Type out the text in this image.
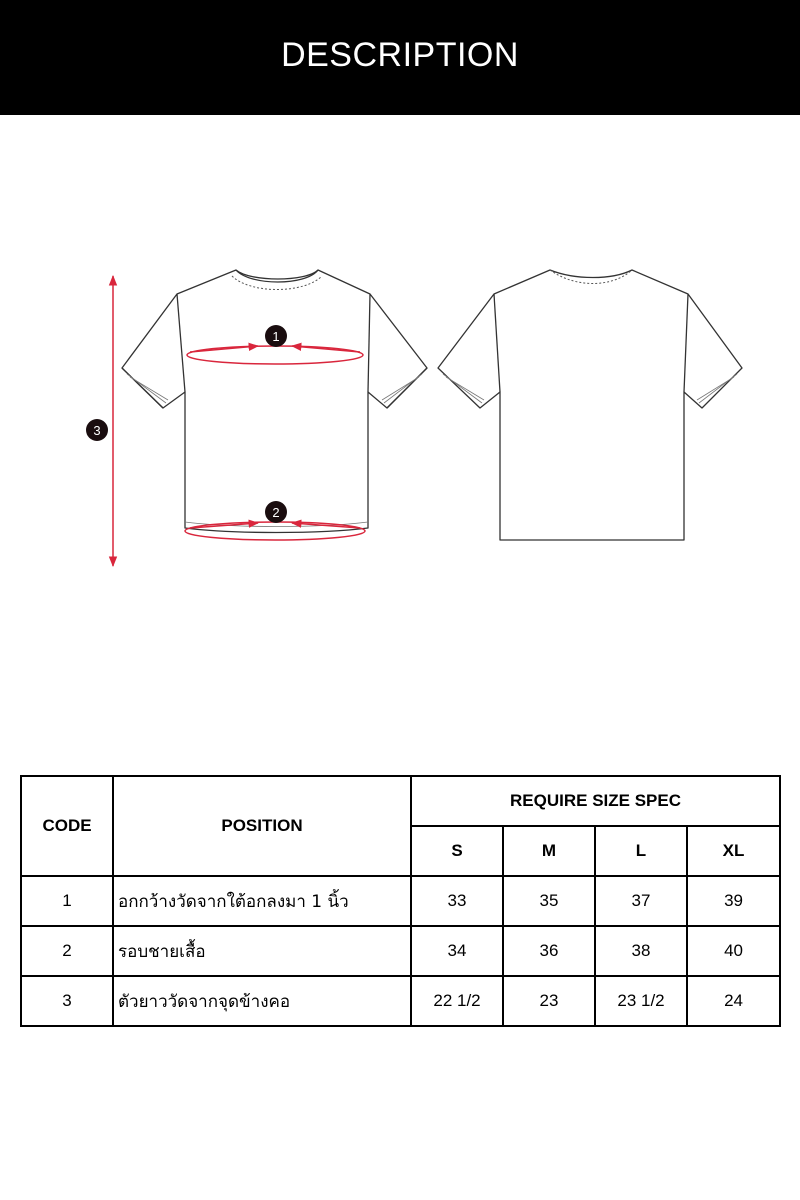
DESCRIPTION
1
2
3
CODE	POSITION	REQUIRE SIZE SPEC			
		S	M	L	XL
1	อกกว้างวัดจากใต้อกลงมา 1 นิ้ว	33	35	37	39
2	รอบชายเสื้อ	34	36	38	40
3	ตัวยาววัดจากจุดข้างคอ	22 1/2	23	23 1/2	24
